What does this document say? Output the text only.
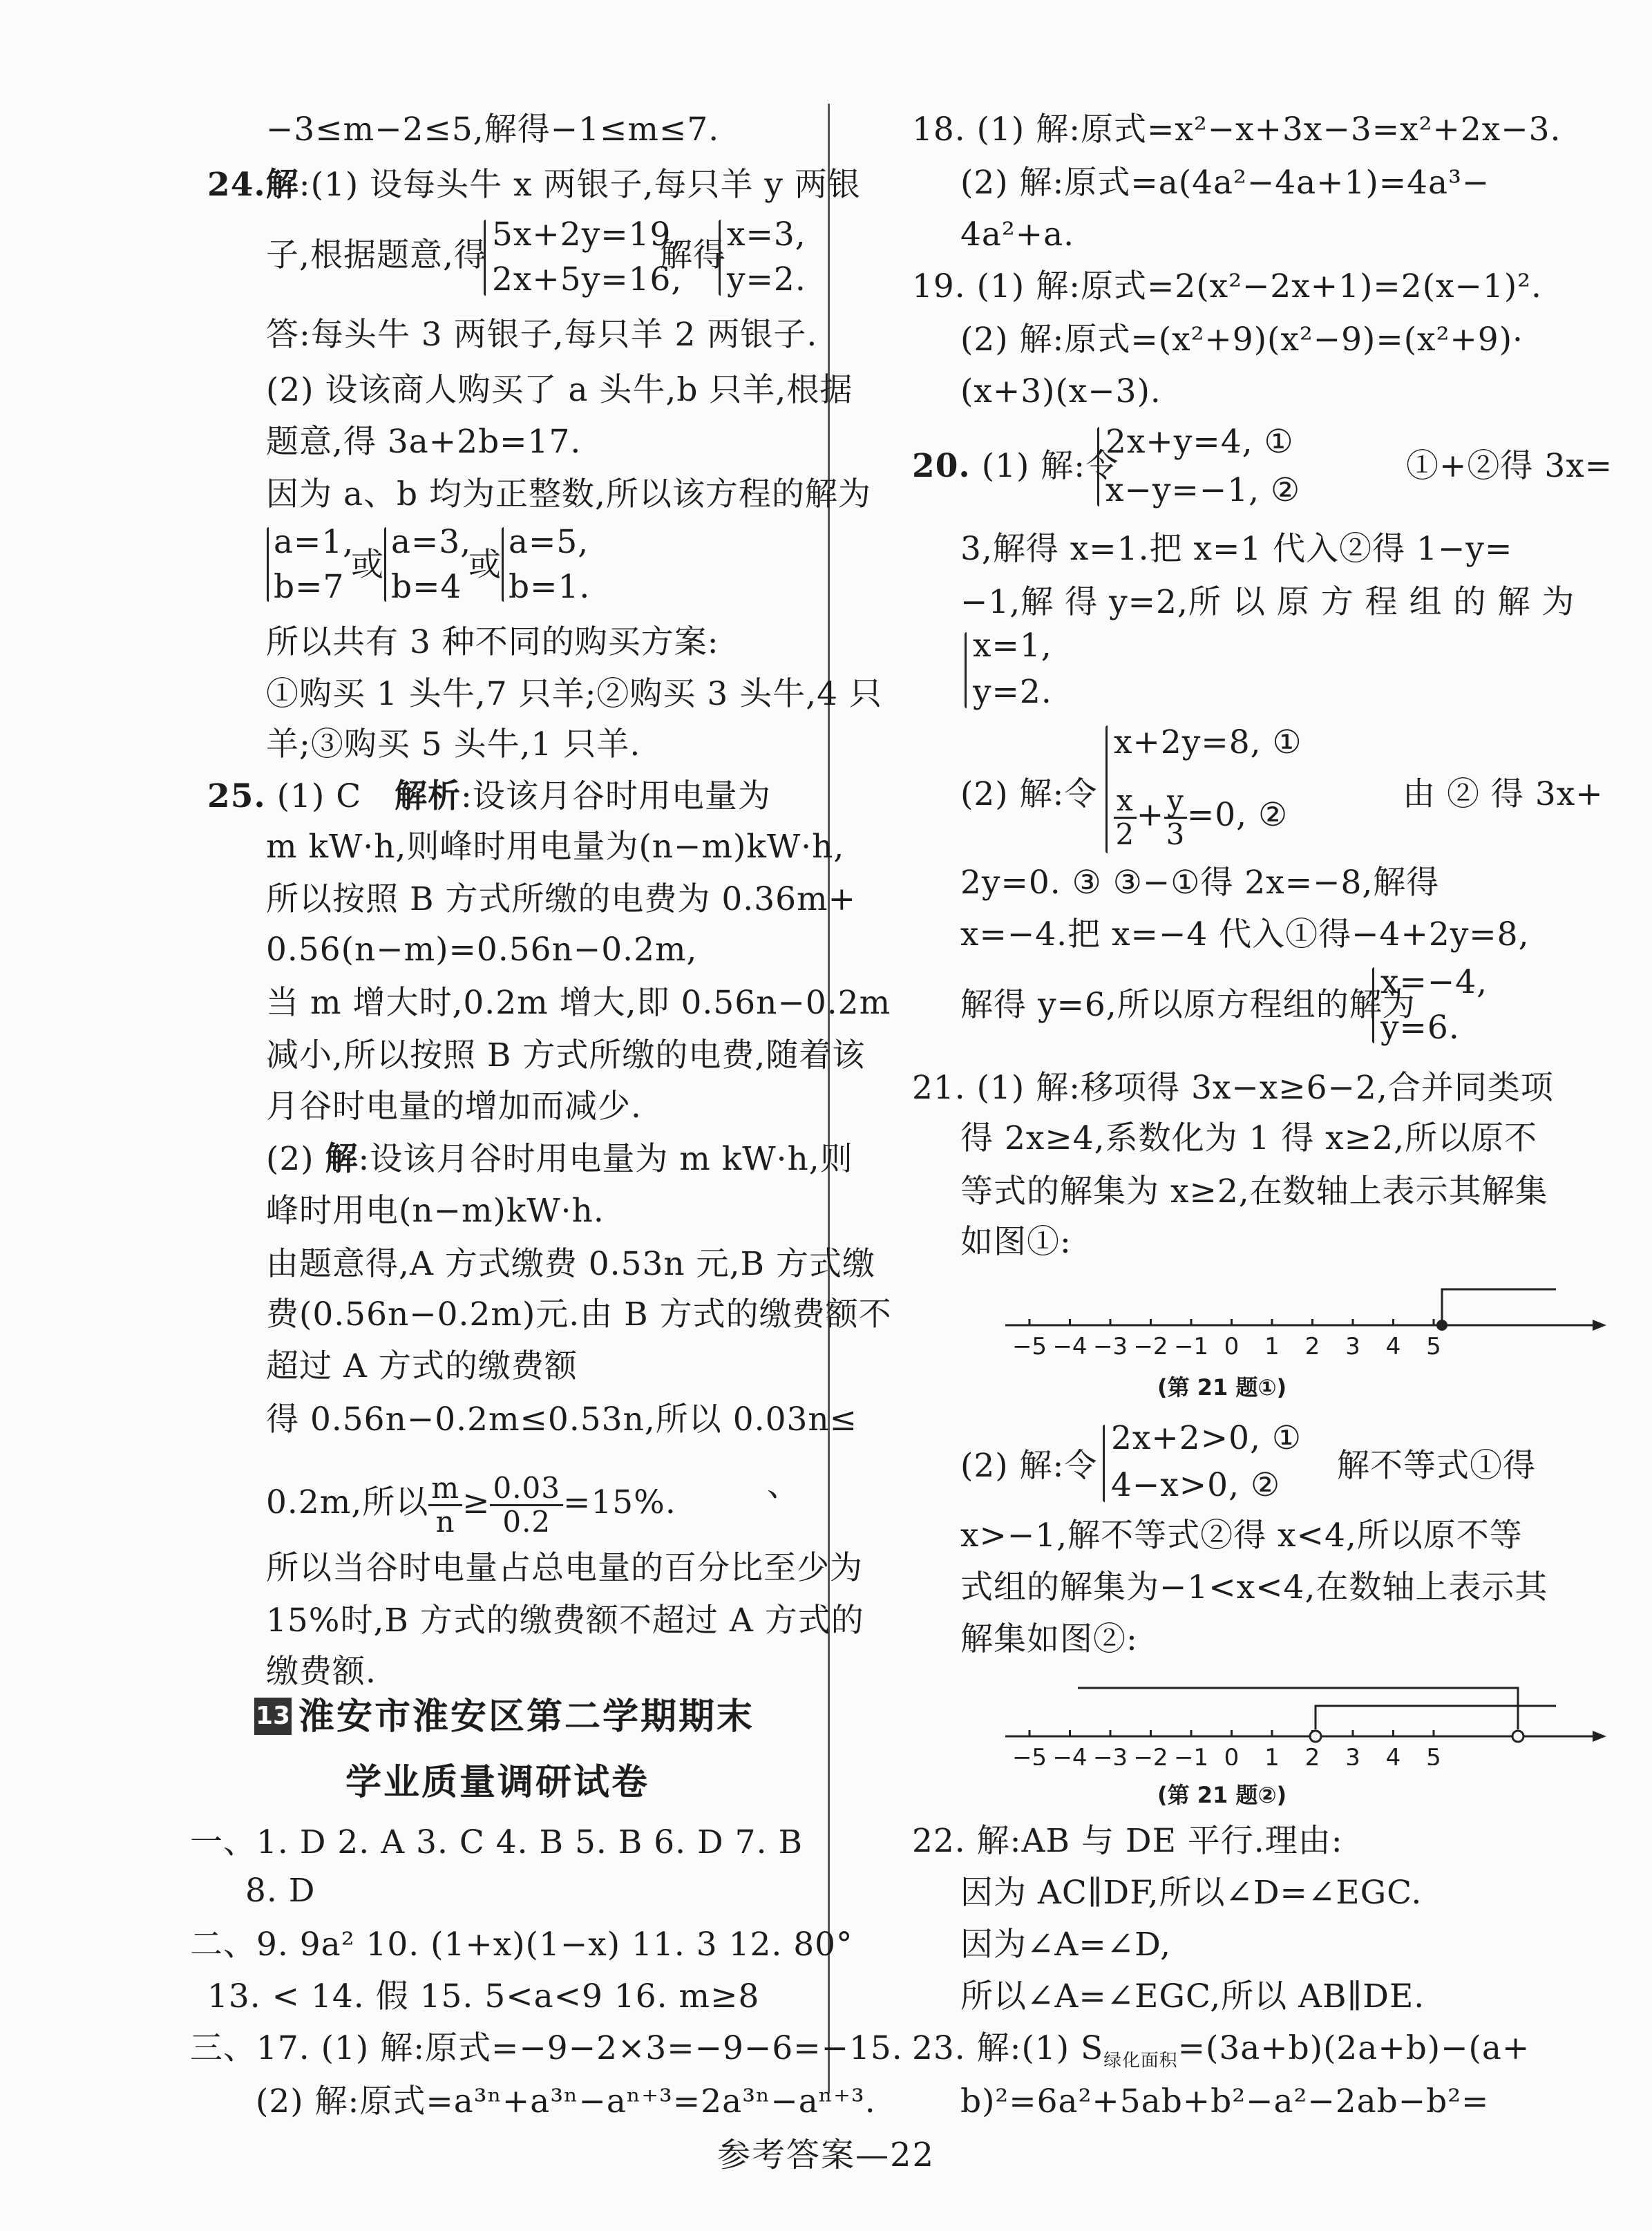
−3≤m−2≤5,解得−1≤m≤7.
24.解:(1) 设每头牛 x 两银子,每只羊 y 两银
子,根据题意,得
5x+2y=19,
2x+5y=16,
解得
x=3,
y=2.
答:每头牛 3 两银子,每只羊 2 两银子.
(2) 设该商人购买了 a 头牛,b 只羊,根据
题意,得 3a+2b=17.
因为 a、b 均为正整数,所以该方程的解为
a=1,
b=7
或
a=3,
b=4
或
a=5,
b=1.
所以共有 3 种不同的购买方案:
①购买 1 头牛,7 只羊;②购买 3 头牛,4 只
羊;③购买 5 头牛,1 只羊.
25. (1) C 解析:设该月谷时用电量为
m kW·h,则峰时用电量为(n−m)kW·h,
所以按照 B 方式所缴的电费为 0.36m+
0.56(n−m)=0.56n−0.2m,
当 m 增大时,0.2m 增大,即 0.56n−0.2m
减小,所以按照 B 方式所缴的电费,随着该
月谷时电量的增加而减少.
(2) 解:设该月谷时用电量为 m kW·h,则
峰时用电(n−m)kW·h.
由题意得,A 方式缴费 0.53n 元,B 方式缴
费(0.56n−0.2m)元.由 B 方式的缴费额不
超过 A 方式的缴费额
得 0.56n−0.2m≤0.53n,所以 0.03n≤
0.2m,所以 $\frac{m}{n} \ge \frac{0.03}{0.2} =15\%$.	、
所以当谷时电量占总电量的百分比至少为
15%时,B 方式的缴费额不超过 A 方式的
缴费额.
13 淮安市淮安区第二学期期末
学业质量调研试卷
一、1. D 2. A 3. C 4. B 5. B 6. D 7. B
8. D
二、9. 9a² 10. (1+x)(1−x) 11. 3 12. 80°
13. < 14. 假 15. 5<a<9 16. m≥8
三、17. (1) 解:原式=−9−2×3=−9−6=−15.
(2) 解:原式=a³ⁿ+a³ⁿ−aⁿ⁺³=2a³ⁿ−aⁿ⁺³.
18. (1) 解:原式=x²−x+3x−3=x²+2x−3.
(2) 解:原式=a(4a²−4a+1)=4a³−
4a²+a.
19. (1) 解:原式=2(x²−2x+1)=2(x−1)².
(2) 解:原式=(x²+9)(x²−9)=(x²+9)·
(x+3)(x−3).
20. (1) 解:令
2x+y=4, ①
x−y=−1, ②
①+②得 3x=
3,解得 x=1.把 x=1 代入②得 1−y=
−1,解 得 y=2,所 以 原 方 程 组 的 解 为
x=1,
y=2.
(2) 解:令
x+2y=8, ①
$\frac{x}{2} + \frac{y}{3} =0$, ②
由 ② 得 3x+
2y=0. ③ ③−①得 2x=−8,解得
x=−4.把 x=−4 代入①得−4+2y=8,
解得 y=6,所以原方程组的解为
x=−4,
y=6.
21. (1) 解:移项得 3x−x≥6−2,合并同类项
得 2x≥4,系数化为 1 得 x≥2,所以原不
等式的解集为 x≥2,在数轴上表示其解集
如图①:
−5 −4 −3 −2 −1 0 1 2 3 4 5
(第 21 题①)
(2) 解:令
2x+2>0, ①
4−x>0, ②
解不等式①得
x>−1,解不等式②得 x<4,所以原不等
式组的解集为−1<x<4,在数轴上表示其
解集如图②:
−5 −4 −3 −2 −1 0 1 2 3 4 5
(第 21 题②)
22. 解:AB 与 DE 平行.理由:
因为 AC∥DF,所以∠D=∠EGC.
因为∠A=∠D,
所以∠A=∠EGC,所以 AB∥DE.
23. 解:(1) $S_{绿化面积}=(3a+b)(2a+b)-(a+$
b)²=6a²+5ab+b²−a²−2ab−b²=
参考答案—22
